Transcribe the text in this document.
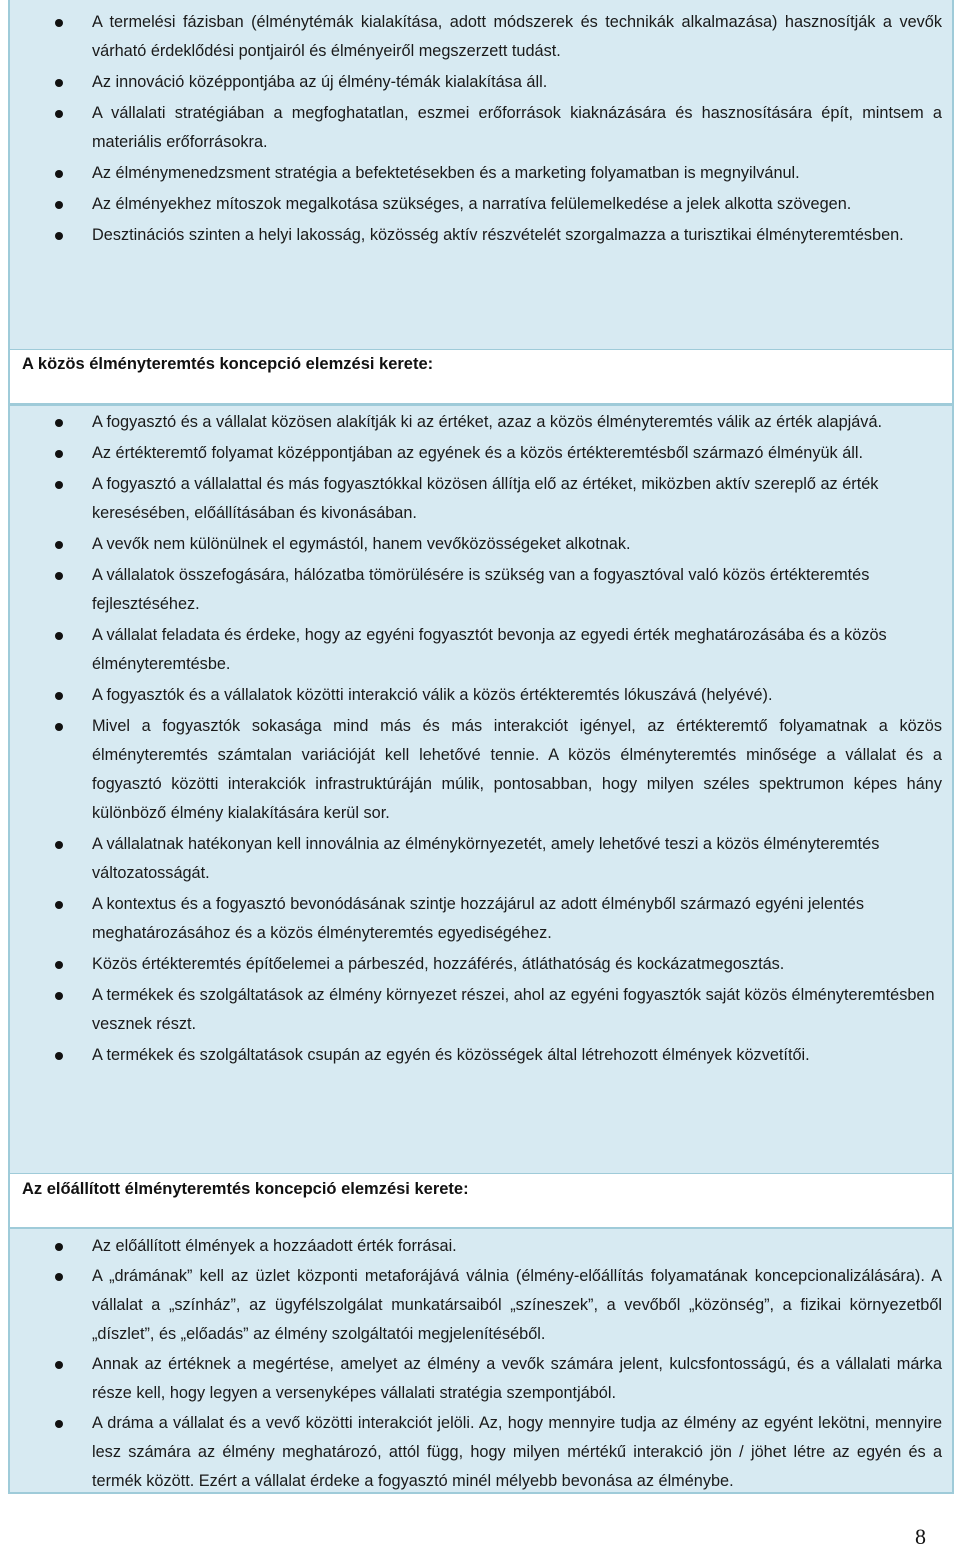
A termelési fázisban (élménytémák kialakítása, adott módszerek és technikák alkalmazása) hasznosítják a vevők várható érdeklődési pontjairól és élményeiről megszerzett tudást.
Az innováció középpontjába az új élmény-témák kialakítása áll.
A vállalati stratégiában a megfoghatatlan, eszmei erőforrások kiaknázására és hasznosítására épít, mintsem a materiális erőforrásokra.
Az élménymenedzsment stratégia a befektetésekben és a marketing folyamatban is megnyilvánul.
Az élményekhez mítoszok megalkotása szükséges, a narratíva felülemelkedése a jelek alkotta szövegen.
Desztinációs szinten a helyi lakosság, közösség aktív részvételét szorgalmazza a turisztikai élményteremtésben.
A közös élményteremtés koncepció elemzési kerete:
A fogyasztó és a vállalat közösen alakítják ki az értéket, azaz a közös élményteremtés válik az érték alapjává.
Az értékteremtő folyamat középpontjában az egyének és a közös értékteremtésből származó élményük áll.
A fogyasztó a vállalattal és más fogyasztókkal közösen állítja elő az értéket, miközben aktív szereplő az érték keresésében, előállításában és kivonásában.
A vevők nem különülnek el egymástól, hanem vevőközösségeket alkotnak.
A vállalatok összefogására, hálózatba tömörülésére is szükség van a fogyasztóval való közös értékteremtés fejlesztéséhez.
A vállalat feladata és érdeke, hogy az egyéni fogyasztót bevonja az egyedi érték meghatározásába és a közös élményteremtésbe.
A fogyasztók és a vállalatok közötti interakció válik a közös értékteremtés lókuszává (helyévé).
Mivel a fogyasztók sokasága mind más és más interakciót igényel, az értékteremtő folyamatnak a közös élményteremtés számtalan variációját kell lehetővé tennie. A közös élményteremtés minősége a vállalat és a fogyasztó közötti interakciók infrastruktúráján múlik, pontosabban, hogy milyen széles spektrumon képes hány különböző élmény kialakítására kerül sor.
A vállalatnak hatékonyan kell innoválnia az élménykörnyezetét, amely lehetővé teszi a közös élményteremtés változatosságát.
A kontextus és a fogyasztó bevonódásának szintje hozzájárul az adott élményből származó egyéni jelentés meghatározásához és a közös élményteremtés egyediségéhez.
Közös értékteremtés építőelemei a párbeszéd, hozzáférés, átláthatóság és kockázatmegosztás.
A termékek és szolgáltatások az élmény környezet részei, ahol az egyéni fogyasztók saját közös élményteremtésben vesznek részt.
A termékek és szolgáltatások csupán az egyén és közösségek által létrehozott élmények közvetítői.
Az előállított élményteremtés koncepció elemzési kerete:
Az előállított élmények a hozzáadott érték forrásai.
A „drámának” kell az üzlet központi metaforájává válnia (élmény-előállítás folyamatának koncepcionalizálására). A vállalat a „színház”, az ügyfélszolgálat munkatársaiból „színeszek”, a vevőből „közönség”, a fizikai környezetből „díszlet”, és „előadás” az élmény szolgáltatói megjelenítéséből.
Annak az értéknek a megértése, amelyet az élmény a vevők számára jelent, kulcsfontosságú, és a vállalati márka része kell, hogy legyen a versenyképes vállalati stratégia szempontjából.
A dráma a vállalat és a vevő közötti interakciót jelöli. Az, hogy mennyire tudja az élmény az egyént lekötni, mennyire lesz számára az élmény meghatározó, attól függ, hogy milyen mértékű interakció jön / jöhet létre az egyén és a termék között. Ezért a vállalat érdeke a fogyasztó minél mélyebb bevonása az élménybe.
8
